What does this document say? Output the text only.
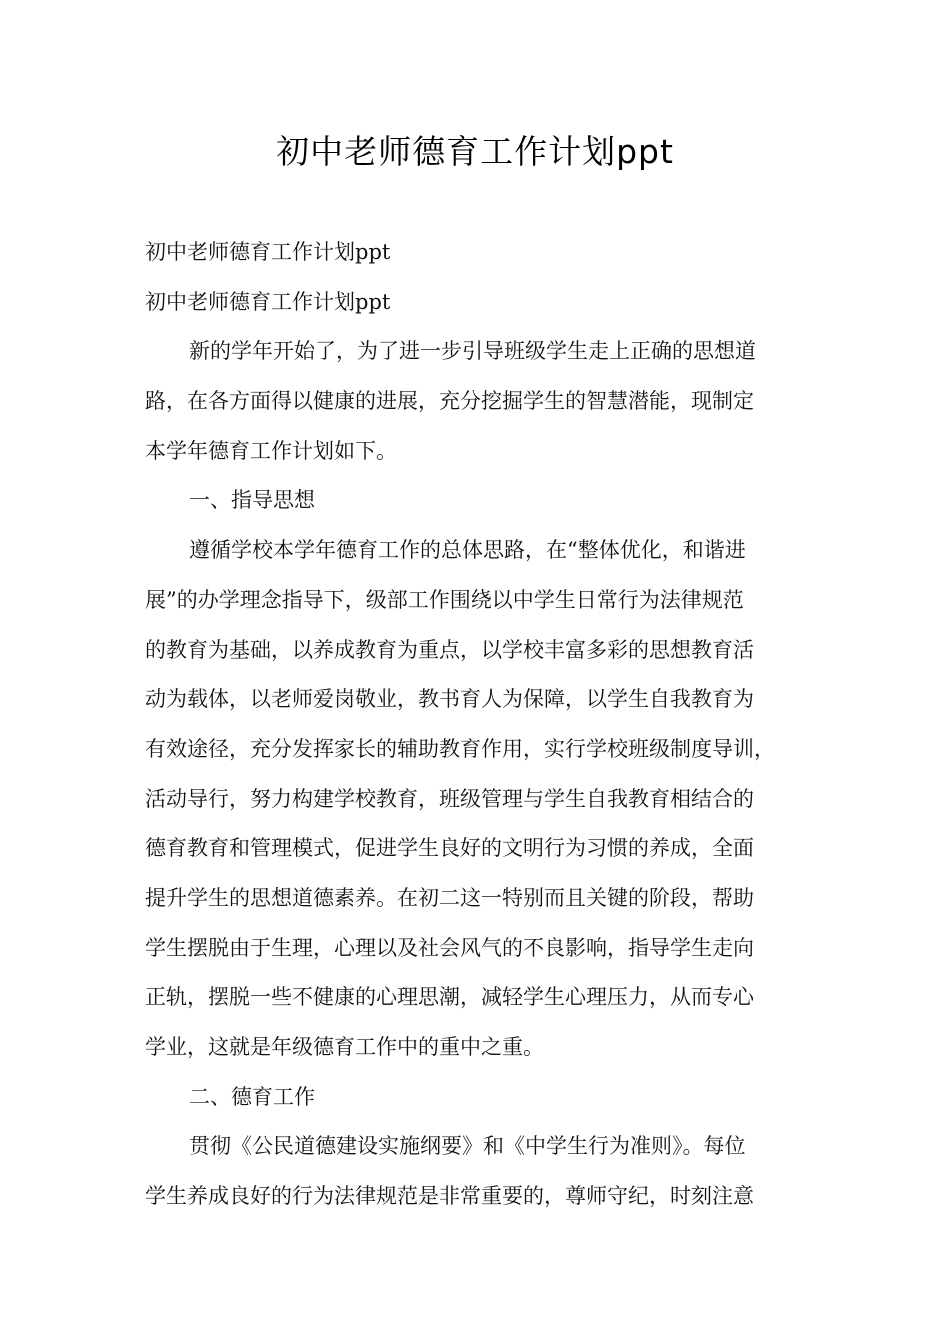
初中老师德育工作计划ppt
初中老师德育工作计划ppt
初中老师德育工作计划ppt
新的学年开始了，为了进一步引导班级学生走上正确的思想道
路，在各方面得以健康的进展，充分挖掘学生的智慧潜能，现制定
本学年德育工作计划如下。
一、指导思想
遵循学校本学年德育工作的总体思路，在“整体优化，和谐进
展”的办学理念指导下，级部工作围绕以中学生日常行为法律规范
的教育为基础，以养成教育为重点，以学校丰富多彩的思想教育活
动为载体，以老师爱岗敬业，教书育人为保障，以学生自我教育为
有效途径，充分发挥家长的辅助教育作用，实行学校班级制度导训，
活动导行，努力构建学校教育，班级管理与学生自我教育相结合的
德育教育和管理模式，促进学生良好的文明行为习惯的养成，全面
提升学生的思想道德素养。在初二这一特别而且关键的阶段，帮助
学生摆脱由于生理，心理以及社会风气的不良影响，指导学生走向
正轨，摆脱一些不健康的心理思潮，减轻学生心理压力，从而专心
学业，这就是年级德育工作中的重中之重。
二、德育工作
贯彻《公民道德建设实施纲要》和《中学生行为准则》。每位
学生养成良好的行为法律规范是非常重要的，尊师守纪，时刻注意
